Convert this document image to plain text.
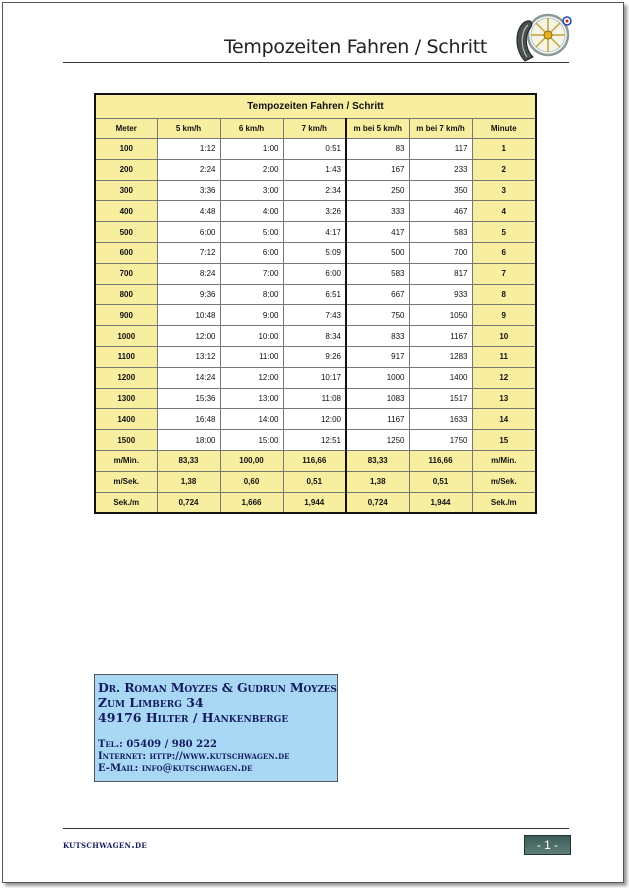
Tempozeiten Fahren / Schritt
Tempozeiten Fahren / Schritt						
Meter	5 km/h	6 km/h	7 km/h	m bei 5 km/h	m bei 7 km/h	Minute
100	1:12	1:00	0:51	83	117	1
200	2:24	2:00	1:43	167	233	2
300	3:36	3:00	2:34	250	350	3
400	4:48	4:00	3:26	333	467	4
500	6:00	5:00	4:17	417	583	5
600	7:12	6:00	5:09	500	700	6
700	8:24	7:00	6:00	583	817	7
800	9:36	8:00	6:51	667	933	8
900	10:48	9:00	7:43	750	1050	9
1000	12:00	10:00	8:34	833	1167	10
1100	13:12	11:00	9:26	917	1283	11
1200	14:24	12:00	10:17	1000	1400	12
1300	15:36	13:00	11:08	1083	1517	13
1400	16:48	14:00	12:00	1167	1633	14
1500	18:00	15:00	12:51	1250	1750	15
m/Min.	83,33	100,00	116,66	83,33	116,66	m/Min.
m/Sek.	1,38	0,60	0,51	1,38	0,51	m/Sek.
Sek./m	0,724	1,666	1,944	0,724	1,944	Sek./m
Dr. Roman Moyzes & Gudrun Moyzes
Zum Limberg 34
49176 Hilter / Hankenberge
Tel.: 05409 / 980 222
Internet: http://www.kutschwagen.de
E-Mail: info@kutschwagen.de
kutschwagen.de	- 1 -
